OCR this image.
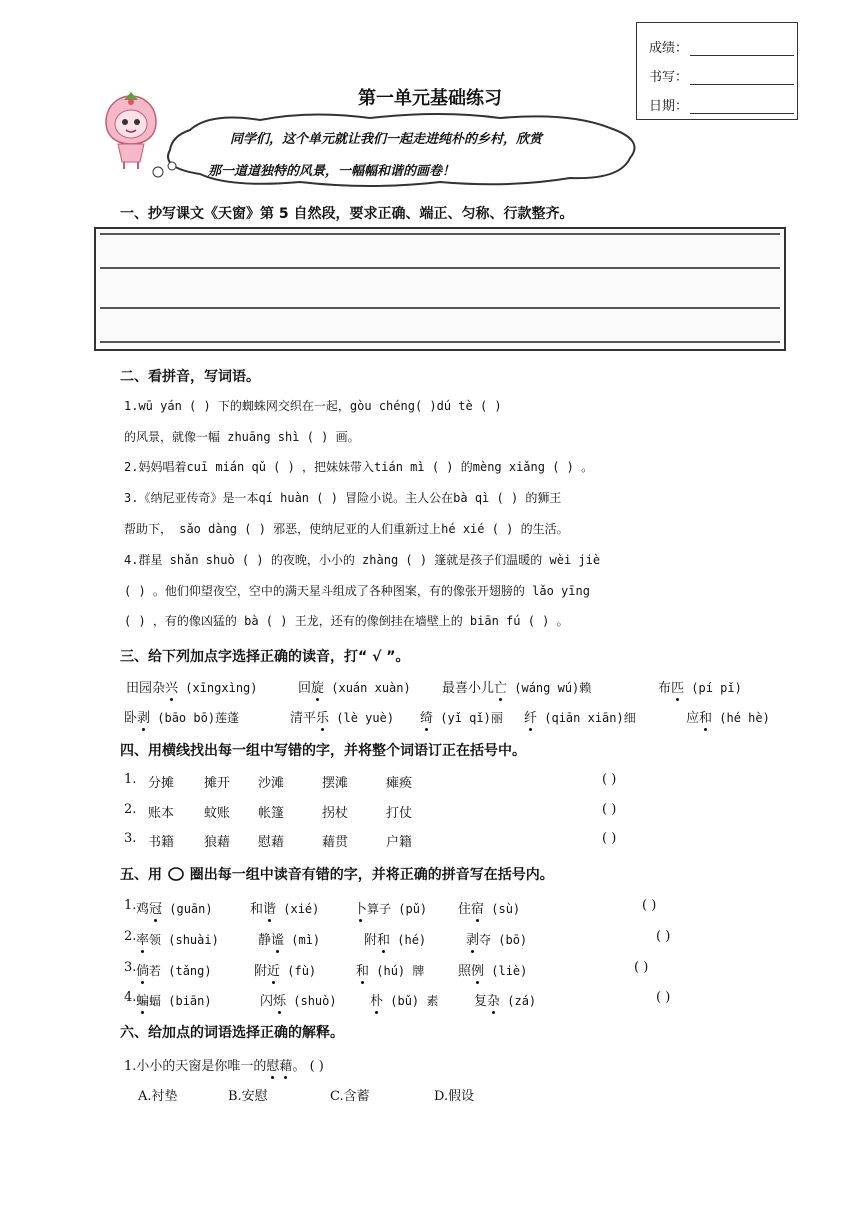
成绩：
书写：
日期：
第一单元基础练习
同学们，这个单元就让我们一起走进纯朴的乡村，欣赏
那一道道独特的风景，一幅幅和谐的画卷！
一、抄写课文《天窗》第 5 自然段，要求正确、端正、匀称、行款整齐。
二、看拼音，写词语。
1.wū yán ( ) 下的蜘蛛网交织在一起，gòu chéng( )dú tè ( )
的风景，就像一幅 zhuāng shì ( ) 画。
2.妈妈唱着cuī mián qǔ ( ) ，把妹妹带入tián mì ( ) 的mèng xiǎng ( ) 。
3.《纳尼亚传奇》是一本qí huàn ( ) 冒险小说。主人公在bà qì ( ) 的狮王
帮助下， sǎo dàng ( ) 邪恶，使纳尼亚的人们重新过上hé xié ( ) 的生活。
4.群星 shǎn shuò ( ) 的夜晚，小小的 zhàng ( ) 篷就是孩子们温暖的 wèi jiè
( ) 。他们仰望夜空，空中的满天星斗组成了各种图案，有的像张开翅膀的 lǎo yīng
( ) ，有的像凶猛的 bà ( ) 王龙，还有的像倒挂在墙壁上的 biān fú ( ) 。
三、给下列加点字选择正确的读音，打“ √ ”。
田园杂兴 (xīngxìng)	回旋 (xuán xuàn) 最喜小儿亡 (wáng wú)赖	布匹 (pí pǐ)
卧剥 (bāo bō)莲蓬	清平乐 (lè yuè) 绮 (yǐ qǐ)丽 纤 (qiān xiān)细	应和 (hé hè)
四、用横线找出每一组中写错的字，并将整个词语订正在括号中。
1. 分摊 摊开 沙滩	摆滩	瘫痪	( )
2. 账本 蚊账 帐篷	拐杖	打仗	( )
3. 书籍 狼藉 慰藉	藉贯	户籍	( )
五、用 圈出每一组中读音有错的字，并将正确的拼音写在括号内。
1. 鸡冠 (guān)	和谐 (xié)	卜算子 (pǔ) 住宿 (sù)	( )
2. 率领 (shuài)	静谧 (mì)	附和 (hé)	剥夺 (bō)	( )
3. 倘若 (tǎng)	附近 (fù)	和 (hú) 牌	照例 (liè)	( )
4. 蝙蝠 (biān)	闪烁 (shuò)	朴 (bǔ) 素	复杂 (zá)	( )
六、给加点的词语选择正确的解释。
1.小小的天窗是你唯一的慰藉。 ( )
A.衬垫	B.安慰	C.含蓄	D.假设
